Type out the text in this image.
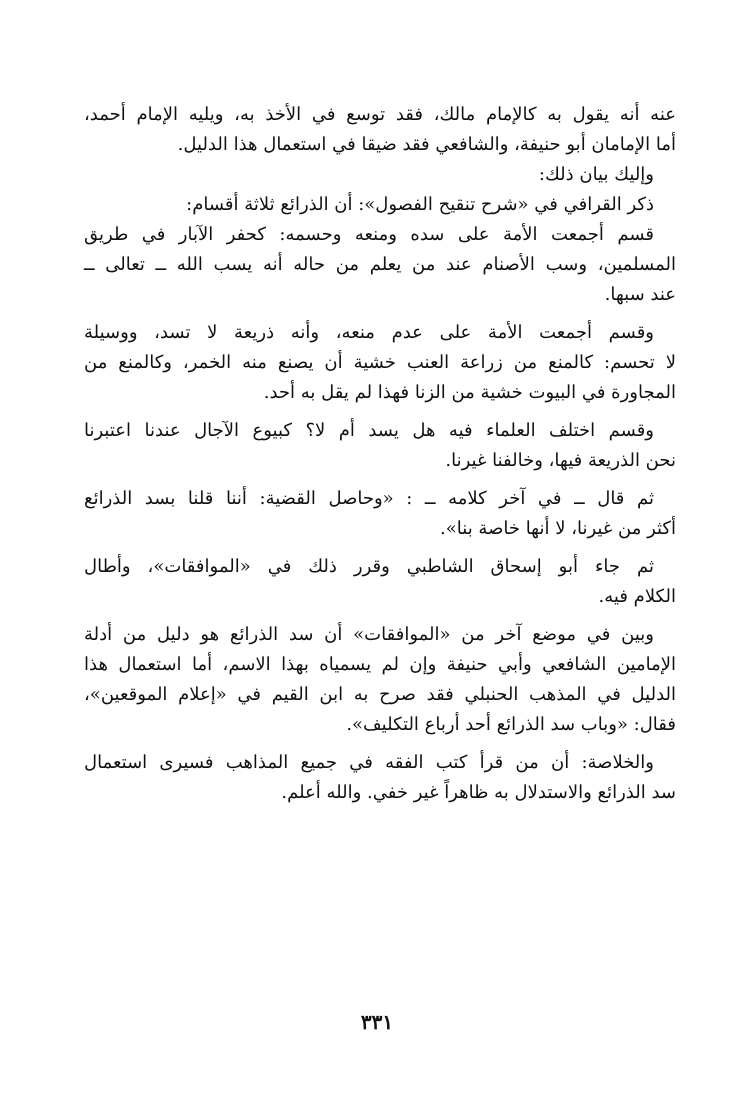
عنه أنه يقول به كالإمام مالك، فقد توسع في الأخذ به، ويليه الإمام أحمد،
أما الإمامان أبو حنيفة، والشافعي فقد ضيقا في استعمال هذا الدليل.
وإليك بيان ذلك:
ذكر القرافي في «شرح تنقيح الفصول»: أن الذرائع ثلاثة أقسام:
قسم أجمعت الأمة على سده ومنعه وحسمه: كحفر الآبار في طريق
المسلمين، وسب الأصنام عند من يعلم من حاله أنه يسب الله ــ تعالى ــ
عند سبها.
وقسم أجمعت الأمة على عدم منعه، وأنه ذريعة لا تسد، ووسيلة
لا تحسم: كالمنع من زراعة العنب خشية أن يصنع منه الخمر، وكالمنع من
المجاورة في البيوت خشية من الزنا فهذا لم يقل به أحد.
وقسم اختلف العلماء فيه هل يسد أم لا؟ كبيوع الآجال عندنا اعتبرنا
نحن الذريعة فيها، وخالفنا غيرنا.
ثم قال ــ في آخر كلامه ــ : «وحاصل القضية: أننا قلنا بسد الذرائع
أكثر من غيرنا، لا أنها خاصة بنا».
ثم جاء أبو إسحاق الشاطبي وقرر ذلك في «الموافقات»، وأطال
الكلام فيه.
وبين في موضع آخر من «الموافقات» أن سد الذرائع هو دليل من أدلة
الإمامين الشافعي وأبي حنيفة وإن لم يسمياه بهذا الاسم، أما استعمال هذا
الدليل في المذهب الحنبلي فقد صرح به ابن القيم في «إعلام الموقعين»،
فقال: «وباب سد الذرائع أحد أرباع التكليف».
والخلاصة: أن من قرأ كتب الفقه في جميع المذاهب فسيرى استعمال
سد الذرائع والاستدلال به ظاهراً غير خفي. والله أعلم.
٣٣١
